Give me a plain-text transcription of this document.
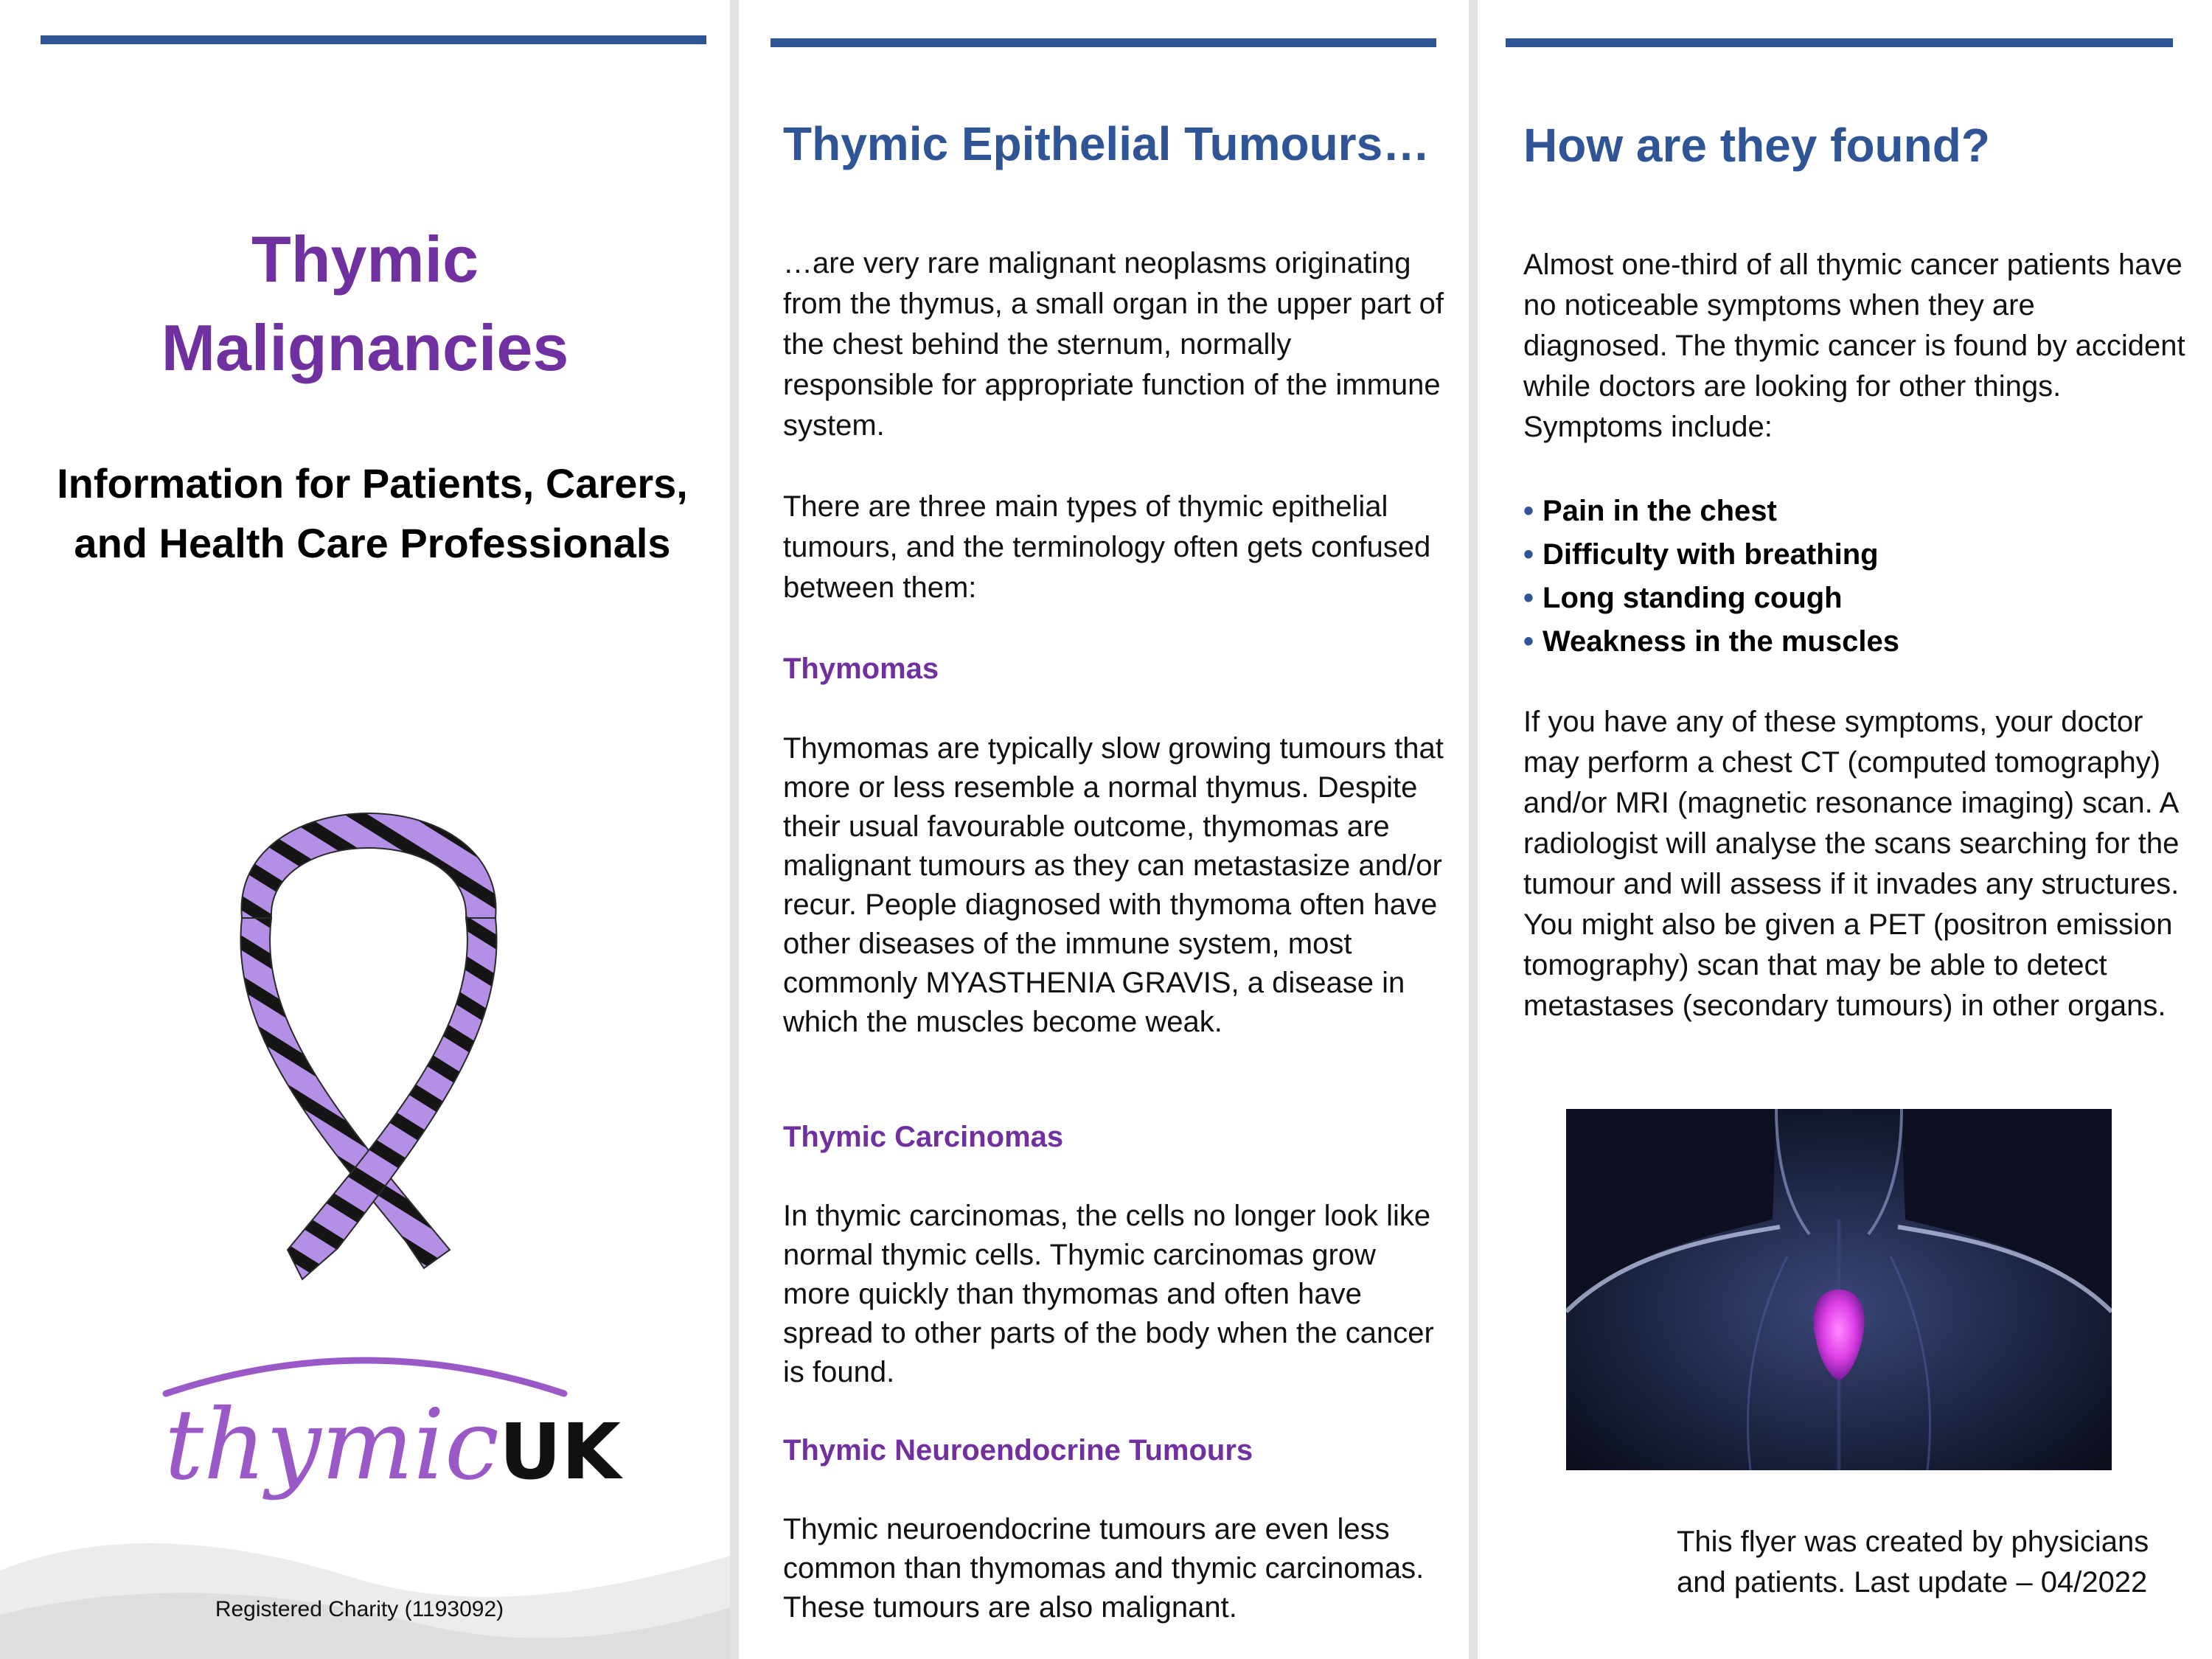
Thymic
Malignancies
Information for Patients, Carers, and Health Care Professionals
thymicUK
Registered Charity (1193092)
Thymic Epithelial Tumours…
…are very rare malignant neoplasms originating from the thymus, a small organ in the upper part of the chest behind the sternum, normally responsible for appropriate function of the immune system.
There are three main types of thymic epithelial tumours, and the terminology often gets confused between them:
Thymomas
Thymomas are typically slow growing tumours that more or less resemble a normal thymus. Despite their usual favourable outcome, thymomas are malignant tumours as they can metastasize and/or recur. People diagnosed with thymoma often have other diseases of the immune system, most commonly MYASTHENIA GRAVIS, a disease in which the muscles become weak.
Thymic Carcinomas
In thymic carcinomas, the cells no longer look like normal thymic cells. Thymic carcinomas grow more quickly than thymomas and often have spread to other parts of the body when the cancer is found.
Thymic Neuroendocrine Tumours
Thymic neuroendocrine tumours are even less common than thymomas and thymic carcinomas. These tumours are also malignant.
How are they found?
Almost one-third of all thymic cancer patients have no noticeable symptoms when they are diagnosed. The thymic cancer is found by accident while doctors are looking for other things. Symptoms include:
• Pain in the chest
• Difficulty with breathing
• Long standing cough
• Weakness in the muscles
If you have any of these symptoms, your doctor may perform a chest CT (computed tomography) and/or MRI (magnetic resonance imaging) scan. A radiologist will analyse the scans searching for the tumour and will assess if it invades any structures. You might also be given a PET (positron emission tomography) scan that may be able to detect metastases (secondary tumours) in other organs.
This flyer was created by physicians and patients. Last update – 04/2022
